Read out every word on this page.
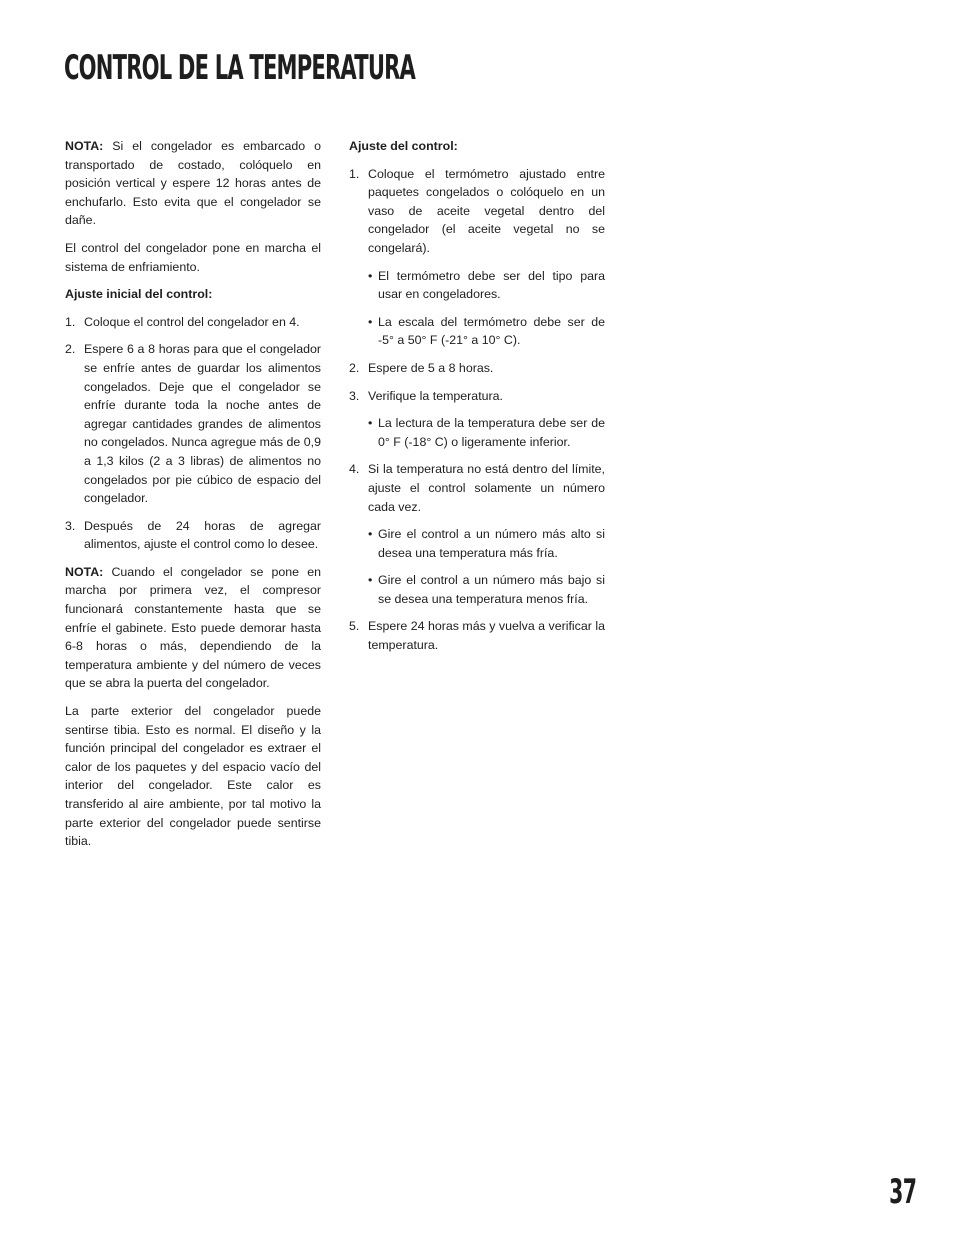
CONTROL DE LA TEMPERATURA

NOTA: Si el congelador es embarcado o transportado de costado, colóquelo en posición vertical y espere 12 horas antes de enchufarlo. Esto evita que el congelador se dañe.

El control del congelador pone en marcha el sistema de enfriamiento.

Ajuste inicial del control:

1. Coloque el control del congelador en 4.
2. Espere 6 a 8 horas para que el congelador se enfríe antes de guardar los alimentos congelados. Deje que el congelador se enfríe durante toda la noche antes de agregar cantidades grandes de alimentos no congelados. Nunca agregue más de 0,9 a 1,3 kilos (2 a 3 libras) de alimentos no congelados por pie cúbico de espacio del congelador.
3. Después de 24 horas de agregar alimentos, ajuste el control como lo desee.

NOTA: Cuando el congelador se pone en marcha por primera vez, el compresor funcionará constantemente hasta que se enfríe el gabinete. Esto puede demorar hasta 6-8 horas o más, dependiendo de la temperatura ambiente y del número de veces que se abra la puerta del congelador.

La parte exterior del congelador puede sentirse tibia. Esto es normal. El diseño y la función principal del congelador es extraer el calor de los paquetes y del espacio vacío del interior del congelador. Este calor es transferido al aire ambiente, por tal motivo la parte exterior del congelador puede sentirse tibia.

Ajuste del control:

1. Coloque el termómetro ajustado entre paquetes congelados o colóquelo en un vaso de aceite vegetal dentro del congelador (el aceite vegetal no se congelará).
• El termómetro debe ser del tipo para usar en congeladores.
• La escala del termómetro debe ser de -5° a 50° F (-21° a 10° C).
2. Espere de 5 a 8 horas.
3. Verifique la temperatura.
• La lectura de la temperatura debe ser de 0° F (-18° C) o ligeramente inferior.
4. Si la temperatura no está dentro del límite, ajuste el control solamente un número cada vez.
• Gire el control a un número más alto si desea una temperatura más fría.
• Gire el control a un número más bajo si se desea una temperatura menos fría.
5. Espere 24 horas más y vuelva a verificar la temperatura.
37
